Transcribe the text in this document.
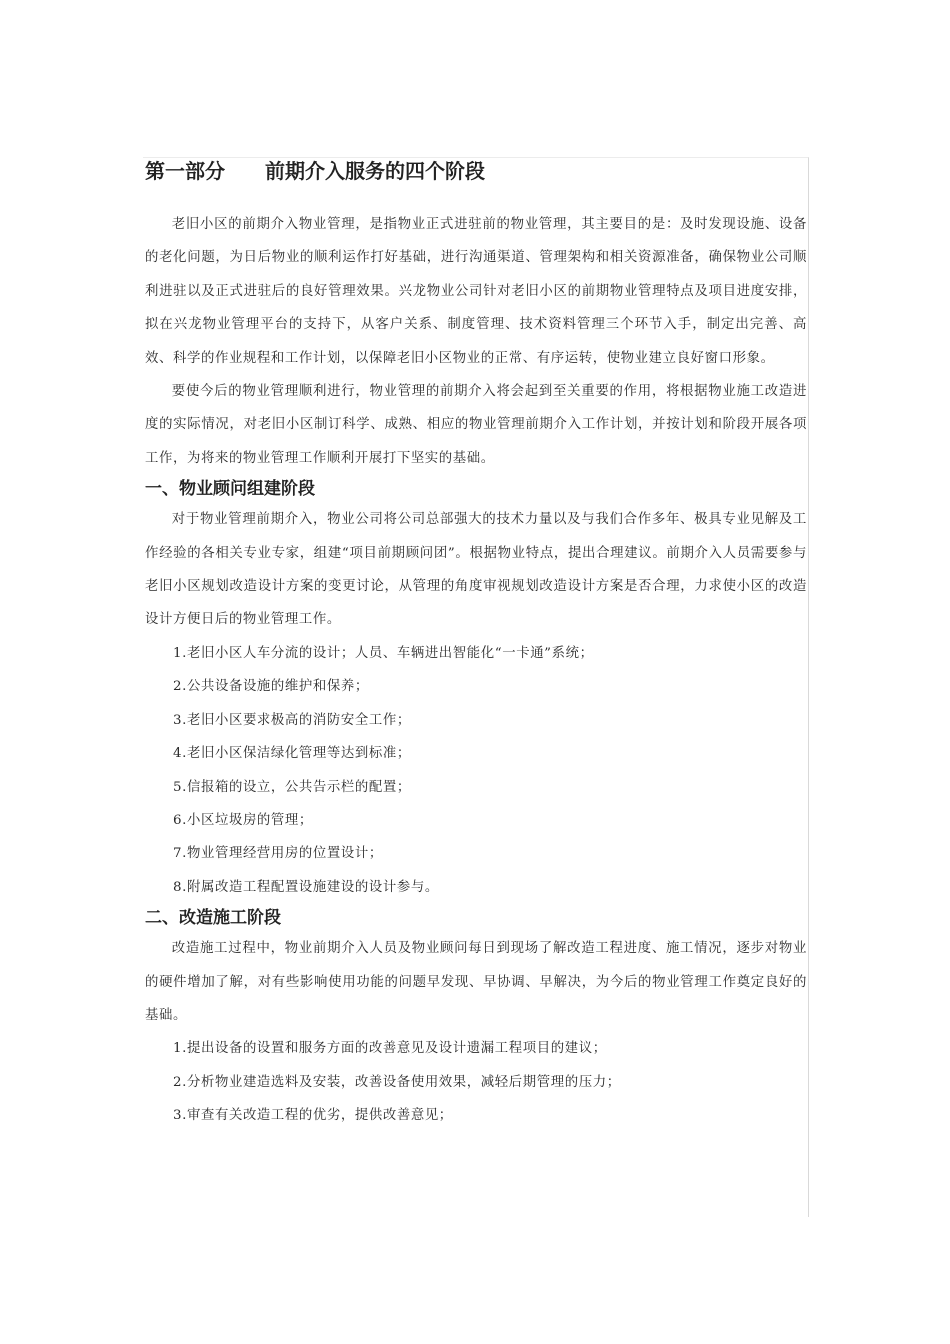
第一部分　　前期介入服务的四个阶段

老旧小区的前期介入物业管理，是指物业正式进驻前的物业管理，其主要目的是：及时发现设施、设备的老化问题，为日后物业的顺利运作打好基础，进行沟通渠道、管理架构和相关资源准备，确保物业公司顺利进驻以及正式进驻后的良好管理效果。兴龙物业公司针对老旧小区的前期物业管理特点及项目进度安排，拟在兴龙物业管理平台的支持下，从客户关系、制度管理、技术资料管理三个环节入手，制定出完善、高效、科学的作业规程和工作计划，以保障老旧小区物业的正常、有序运转，使物业建立良好窗口形象。

要使今后的物业管理顺利进行，物业管理的前期介入将会起到至关重要的作用，将根据物业施工改造进度的实际情况，对老旧小区制订科学、成熟、相应的物业管理前期介入工作计划，并按计划和阶段开展各项工作，为将来的物业管理工作顺利开展打下坚实的基础。

一、物业顾问组建阶段

对于物业管理前期介入，物业公司将公司总部强大的技术力量以及与我们合作多年、极具专业见解及工作经验的各相关专业专家，组建“项目前期顾问团”。根据物业特点，提出合理建议。前期介入人员需要参与老旧小区规划改造设计方案的变更讨论，从管理的角度审视规划改造设计方案是否合理，力求使小区的改造设计方便日后的物业管理工作。

1.老旧小区人车分流的设计；人员、车辆进出智能化“一卡通”系统；
2.公共设备设施的维护和保养；
3.老旧小区要求极高的消防安全工作；
4.老旧小区保洁绿化管理等达到标准；
5.信报箱的设立，公共告示栏的配置；
6.小区垃圾房的管理；
7.物业管理经营用房的位置设计；
8.附属改造工程配置设施建设的设计参与。
二、改造施工阶段

改造施工过程中，物业前期介入人员及物业顾问每日到现场了解改造工程进度、施工情况，逐步对物业的硬件增加了解，对有些影响使用功能的问题早发现、早协调、早解决，为今后的物业管理工作奠定良好的基础。

1.提出设备的设置和服务方面的改善意见及设计遗漏工程项目的建议；
2.分析物业建造选料及安装，改善设备使用效果，减轻后期管理的压力；
3.审查有关改造工程的优劣，提供改善意见；
